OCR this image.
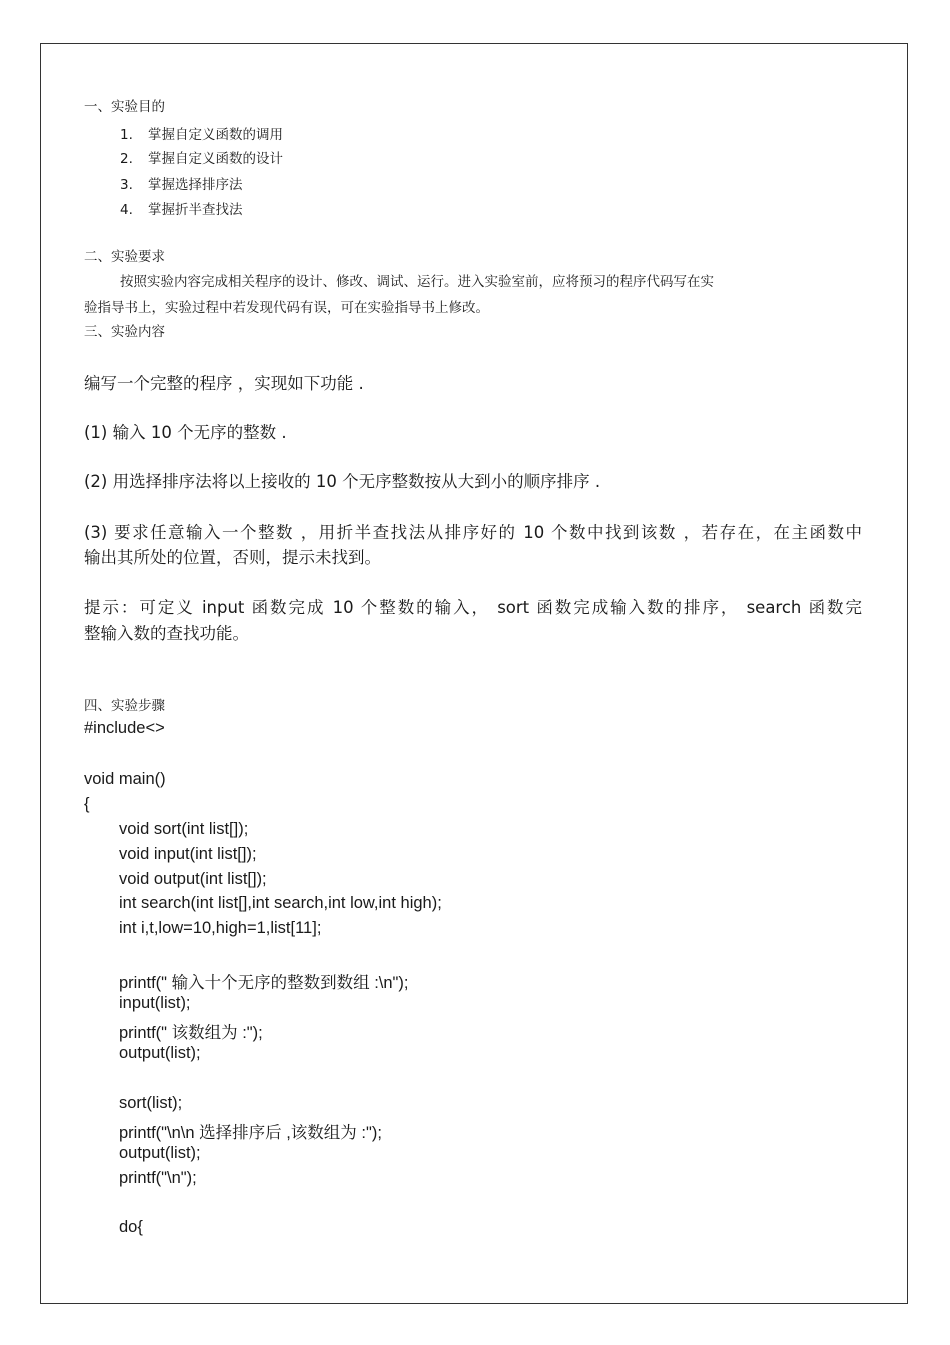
一、实验目的
1. 掌握自定义函数的调用
2. 掌握自定义函数的设计
3. 掌握选择排序法
4. 掌握折半查找法
二、实验要求
按照实验内容完成相关程序的设计、修改、调试、运行。进入实验室前，应将预习的程序代码写在实
验指导书上，实验过程中若发现代码有误，可在实验指导书上修改。
三、实验内容
编写一个完整的程序 ，实现如下功能 .
(1) 输入 10 个无序的整数 .
(2) 用选择排序法将以上接收的 10 个无序整数按从大到小的顺序排序 .
(3) 要求任意输入一个整数 ，用折半查找法从排序好的 10 个数中找到该数 ，若存在，在主函数中
输出其所处的位置，否则，提示未找到。
提示：可定义 input 函数完成 10 个整数的输入， sort 函数完成输入数的排序， search 函数完
整输入数的查找功能。
四、实验步骤
#include<>
void main()
{
void sort(int list[]);
void input(int list[]);
void output(int list[]);
int search(int list[],int search,int low,int high);
int i,t,low=10,high=1,list[11];
printf(" 输入十个无序的整数到数组 :\n");
input(list);
printf(" 该数组为 :");
output(list);
sort(list);
printf("\n\n 选择排序后 ,该数组为 :");
output(list);
printf("\n");
do{
